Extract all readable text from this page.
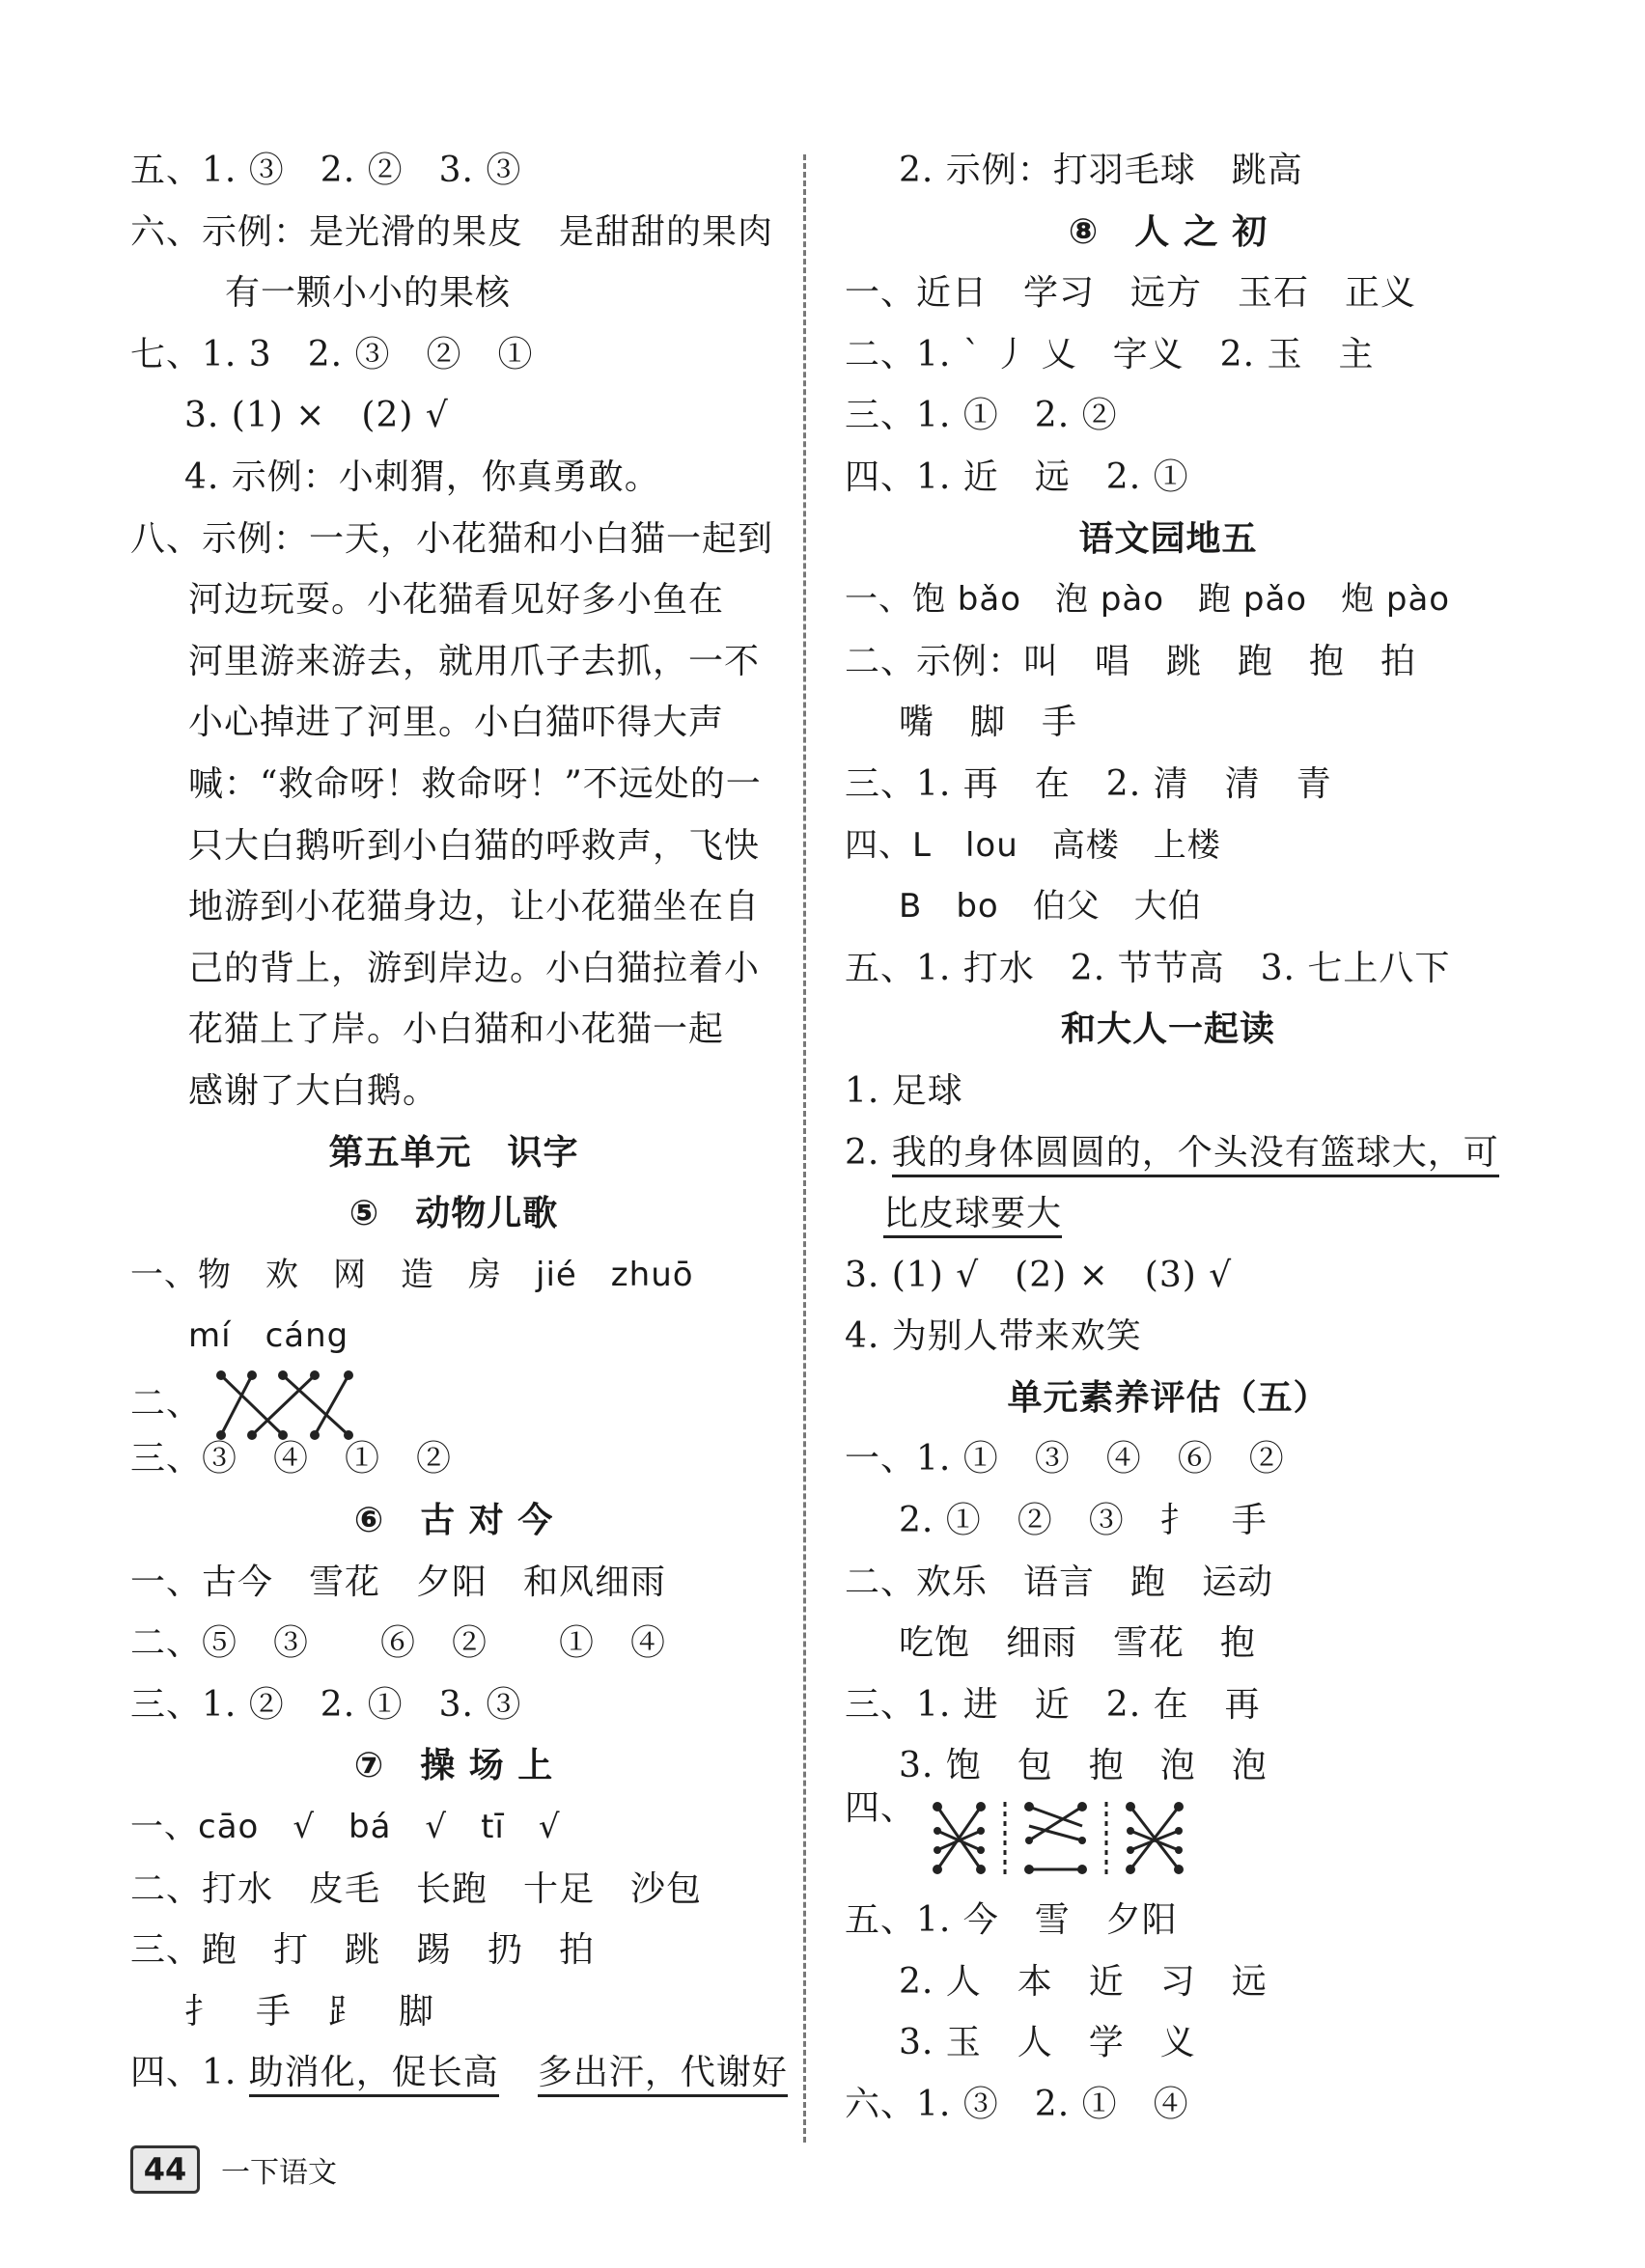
五、1. ③　2. ②　3. ③
六、示例：是光滑的果皮　是甜甜的果肉
有一颗小小的果核
七、1. 3　2. ③　②　①
3. (1) ×　(2) √
4. 示例：小刺猬，你真勇敢。
八、示例：一天，小花猫和小白猫一起到
河边玩耍。小花猫看见好多小鱼在
河里游来游去，就用爪子去抓，一不
小心掉进了河里。小白猫吓得大声
喊：“救命呀！救命呀！”不远处的一
只大白鹅听到小白猫的呼救声，飞快
地游到小花猫身边，让小花猫坐在自
己的背上，游到岸边。小白猫拉着小
花猫上了岸。小白猫和小花猫一起
感谢了大白鹅。
第五单元　识字
⑤　动物儿歌
一、物　欢　网　造　房　jié　zhuō
mí　cáng
二、
三、③　④　①　②
⑥　古 对 今
一、古今　雪花　夕阳　和风细雨
二、⑤　③　　⑥　②　　①　④
三、1. ②　2. ①　3. ③
⑦　操 场 上
一、cāo　√　bá　√　tī　√
二、打水　皮毛　长跑　十足　沙包
三、跑　打　跳　踢　扔　拍
扌　手　⻊　脚
四、1. 助消化，促长高 多出汗，代谢好
2. 示例：打羽毛球　跳高
⑧　人 之 初
一、近日　学习　远方　玉石　正义
二、1. ˋ 丿 乂　字义　2. 玉　主
三、1. ①　2. ②
四、1. 近　远　2. ①
语文园地五
一、饱 bǎo　泡 pào　跑 pǎo　炮 pào
二、示例：叫　唱　跳　跑　抱　拍
嘴　脚　手
三、1. 再　在　2. 清　清　青
四、L　lou　高楼　上楼
B　bo　伯父　大伯
五、1. 打水　2. 节节高　3. 七上八下
和大人一起读
1. 足球
2. 我的身体圆圆的，个头没有篮球大，可
比皮球要大
3. (1) √　(2) ×　(3) √
4. 为别人带来欢笑
单元素养评估（五）
一、1. ①　③　④　⑥　②
2. ①　②　③　扌　手
二、欢乐　语言　跑　运动
吃饱　细雨　雪花　抱
三、1. 进　近　2. 在　再
3. 饱　包　抱　泡　泡
四、
五、1. 今　雪　夕阳
2. 人　本　近　习　远
3. 玉　人　学　义
六、1. ③　2. ①　④
44	一下语文
